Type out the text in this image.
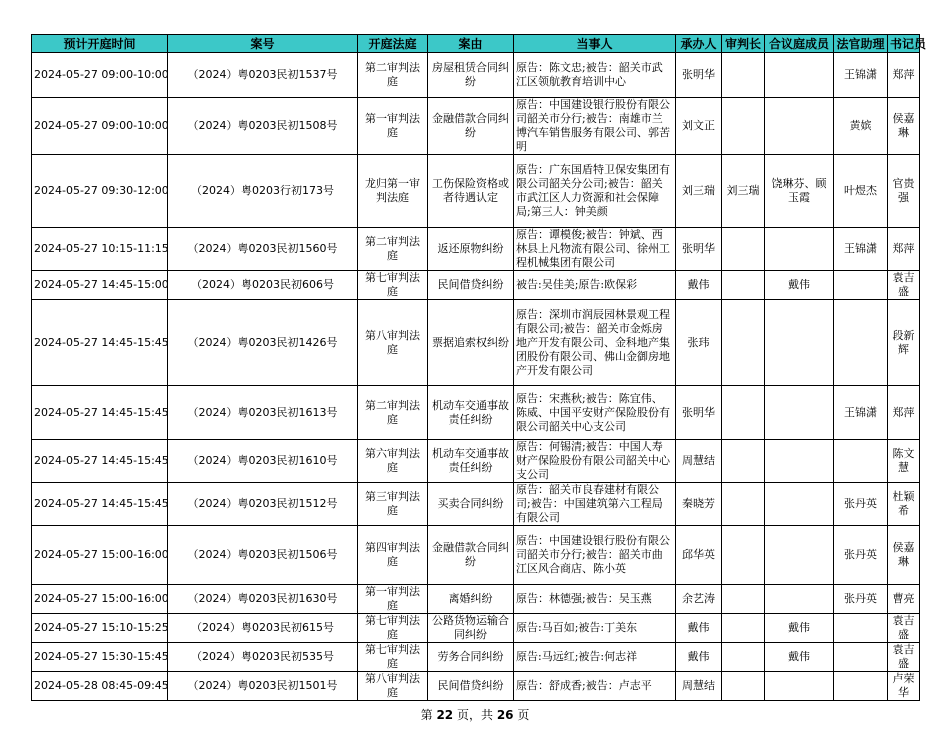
预计开庭时间	案号	开庭法庭	案由	当事人	承办人	审判长	合议庭成员	法官助理	书记员
2024-05-27 09:00-10:00	（2024）粤0203民初1537号	第二审判法庭	房屋租赁合同纠纷	原告：陈文忠;被告：韶关市武江区领航教育培训中心	张明华			王锦潇	郑萍
2024-05-27 09:00-10:00	（2024）粤0203民初1508号	第一审判法庭	金融借款合同纠纷	原告：中国建设银行股份有限公司韶关市分行;被告：南雄市兰博汽车销售服务有限公司、郭苦明	刘文正			黄嫔	侯嘉琳
2024-05-27 09:30-12:00	（2024）粤0203行初173号	龙归第一审判法庭	工伤保险资格或者待遇认定	原告：广东国盾特卫保安集团有限公司韶关分公司;被告：韶关市武江区人力资源和社会保障局;第三人：钟美颜	刘三瑞	刘三瑞	饶琳芬、顾玉霞	叶煜杰	官贵强
2024-05-27 10:15-11:15	（2024）粤0203民初1560号	第二审判法庭	返还原物纠纷	原告：谭模俊;被告：钟斌、西林县上凡物流有限公司、徐州工程机械集团有限公司	张明华			王锦潇	郑萍
2024-05-27 14:45-15:00	（2024）粤0203民初606号	第七审判法庭	民间借贷纠纷	被告:吴佳美;原告:欧保彩	戴伟		戴伟		袁吉盛
2024-05-27 14:45-15:45	（2024）粤0203民初1426号	第八审判法庭	票据追索权纠纷	原告：深圳市润辰园林景观工程有限公司;被告：韶关市金烁房地产开发有限公司、金科地产集团股份有限公司、佛山金御房地产开发有限公司	张玮				段新辉
2024-05-27 14:45-15:45	（2024）粤0203民初1613号	第二审判法庭	机动车交通事故责任纠纷	原告：宋燕秋;被告：陈宜伟、陈威、中国平安财产保险股份有限公司韶关中心支公司	张明华			王锦潇	郑萍
2024-05-27 14:45-15:45	（2024）粤0203民初1610号	第六审判法庭	机动车交通事故责任纠纷	原告：何锡清;被告：中国人寿财产保险股份有限公司韶关中心支公司	周慧结				陈文慧
2024-05-27 14:45-15:45	（2024）粤0203民初1512号	第三审判法庭	买卖合同纠纷	原告：韶关市良春建材有限公司;被告：中国建筑第六工程局有限公司	秦晓芳			张丹英	杜颖希
2024-05-27 15:00-16:00	（2024）粤0203民初1506号	第四审判法庭	金融借款合同纠纷	原告：中国建设银行股份有限公司韶关市分行;被告：韶关市曲江区风合商店、陈小英	邱华英			张丹英	侯嘉琳
2024-05-27 15:00-16:00	（2024）粤0203民初1630号	第一审判法庭	离婚纠纷	原告：林德强;被告：吴玉燕	余艺涛			张丹英	曹亮
2024-05-27 15:10-15:25	（2024）粤0203民初615号	第七审判法庭	公路货物运输合同纠纷	原告:马百如;被告:丁美东	戴伟		戴伟		袁吉盛
2024-05-27 15:30-15:45	（2024）粤0203民初535号	第七审判法庭	劳务合同纠纷	原告:马远红;被告:何志祥	戴伟		戴伟		袁吉盛
2024-05-28 08:45-09:45	（2024）粤0203民初1501号	第八审判法庭	民间借贷纠纷	原告：舒成香;被告：卢志平	周慧结				卢荣华
第 22 页，共 26 页
